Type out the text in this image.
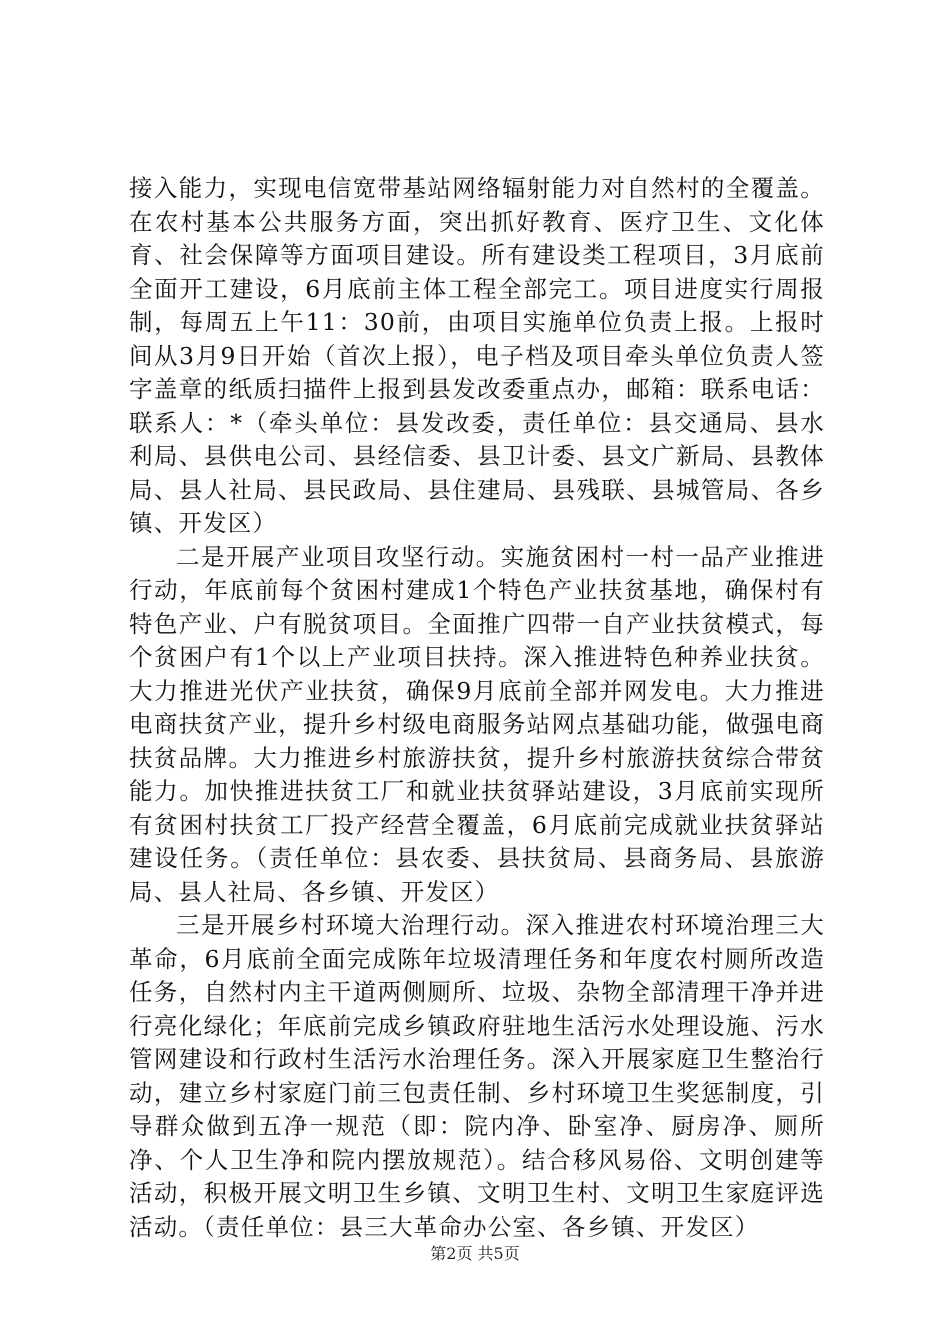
接入能力，实现电信宽带基站网络辐射能力对自然村的全覆盖。在农村基本公共服务方面，突出抓好教育、医疗卫生、文化体育、社会保障等方面项目建设。所有建设类工程项目，3月底前全面开工建设，6月底前主体工程全部完工。项目进度实行周报制，每周五上午11：30前，由项目实施单位负责上报。上报时间从3月9日开始（首次上报），电子档及项目牵头单位负责人签字盖章的纸质扫描件上报到县发改委重点办，邮箱：联系电话：联系人：*（牵头单位：县发改委，责任单位：县交通局、县水利局、县供电公司、县经信委、县卫计委、县文广新局、县教体局、县人社局、县民政局、县住建局、县残联、县城管局、各乡镇、开发区）

二是开展产业项目攻坚行动。实施贫困村一村一品产业推进行动，年底前每个贫困村建成1个特色产业扶贫基地，确保村有特色产业、户有脱贫项目。全面推广四带一自产业扶贫模式，每个贫困户有1个以上产业项目扶持。深入推进特色种养业扶贫。大力推进光伏产业扶贫，确保9月底前全部并网发电。大力推进电商扶贫产业，提升乡村级电商服务站网点基础功能，做强电商扶贫品牌。大力推进乡村旅游扶贫，提升乡村旅游扶贫综合带贫能力。加快推进扶贫工厂和就业扶贫驿站建设，3月底前实现所有贫困村扶贫工厂投产经营全覆盖，6月底前完成就业扶贫驿站建设任务。（责任单位：县农委、县扶贫局、县商务局、县旅游局、县人社局、各乡镇、开发区）

三是开展乡村环境大治理行动。深入推进农村环境治理三大革命，6月底前全面完成陈年垃圾清理任务和年度农村厕所改造任务，自然村内主干道两侧厕所、垃圾、杂物全部清理干净并进行亮化绿化；年底前完成乡镇政府驻地生活污水处理设施、污水管网建设和行政村生活污水治理任务。深入开展家庭卫生整治行动，建立乡村家庭门前三包责任制、乡村环境卫生奖惩制度，引导群众做到五净一规范（即：院内净、卧室净、厨房净、厕所净、个人卫生净和院内摆放规范）。结合移风易俗、文明创建等活动，积极开展文明卫生乡镇、文明卫生村、文明卫生家庭评选活动。（责任单位：县三大革命办公室、各乡镇、开发区）

第2页 共5页
